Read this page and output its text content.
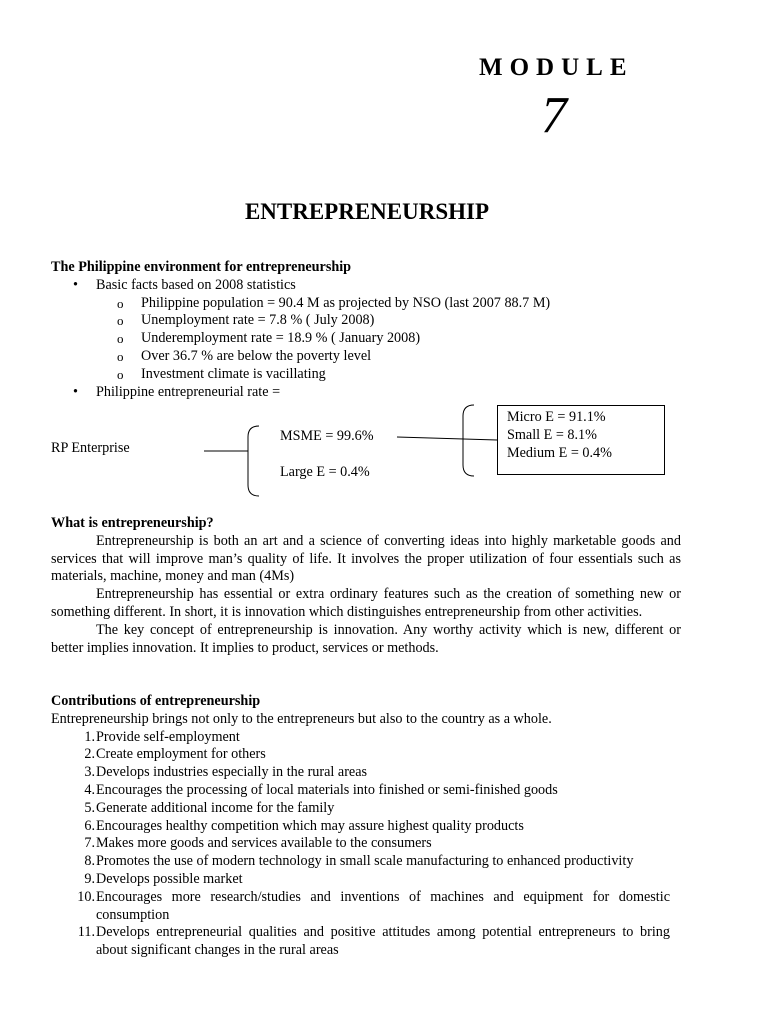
MODULE
7
ENTREPRENEURSHIP
The Philippine environment for entrepreneurship
•	Basic facts based on 2008 statistics
o	Philippine population = 90.4 M as projected by NSO (last 2007 88.7 M)
o	Unemployment rate = 7.8 % ( July 2008)
o	Underemployment rate = 18.9 % ( January 2008)
o	Over 36.7 % are below the poverty level
o	Investment climate is vacillating
•	Philippine entrepreneurial rate =
RP Enterprise
MSME = 99.6%
Large E = 0.4%
Micro E = 91.1%
Small E = 8.1%
Medium E = 0.4%
What is entrepreneurship?
Entrepreneurship is both an art and a science of converting ideas into highly marketable goods and services that will improve man’s quality of life. It involves the proper utilization of four essentials such as materials, machine, money and man (4Ms)
Entrepreneurship has essential or extra ordinary features such as the creation of something new or something different. In short, it is innovation which distinguishes entrepreneurship from other activities.
The key concept of entrepreneurship is innovation. Any worthy activity which is new, different or better implies innovation. It implies to product, services or methods.
Contributions of entrepreneurship
Entrepreneurship brings not only to the entrepreneurs but also to the country as a whole.
1. Provide self-employment
2. Create employment for others
3. Develops industries especially in the rural areas
4. Encourages the processing of local materials into finished or semi-finished goods
5. Generate additional income for the family
6. Encourages healthy competition which may assure highest quality products
7. Makes more goods and services available to the consumers
8. Promotes the use of modern technology in small scale manufacturing to enhanced productivity
9. Develops possible market
10. Encourages more research/studies and inventions of machines and equipment for domestic consumption
11. Develops entrepreneurial qualities and positive attitudes among potential entrepreneurs to bring about significant changes in the rural areas
